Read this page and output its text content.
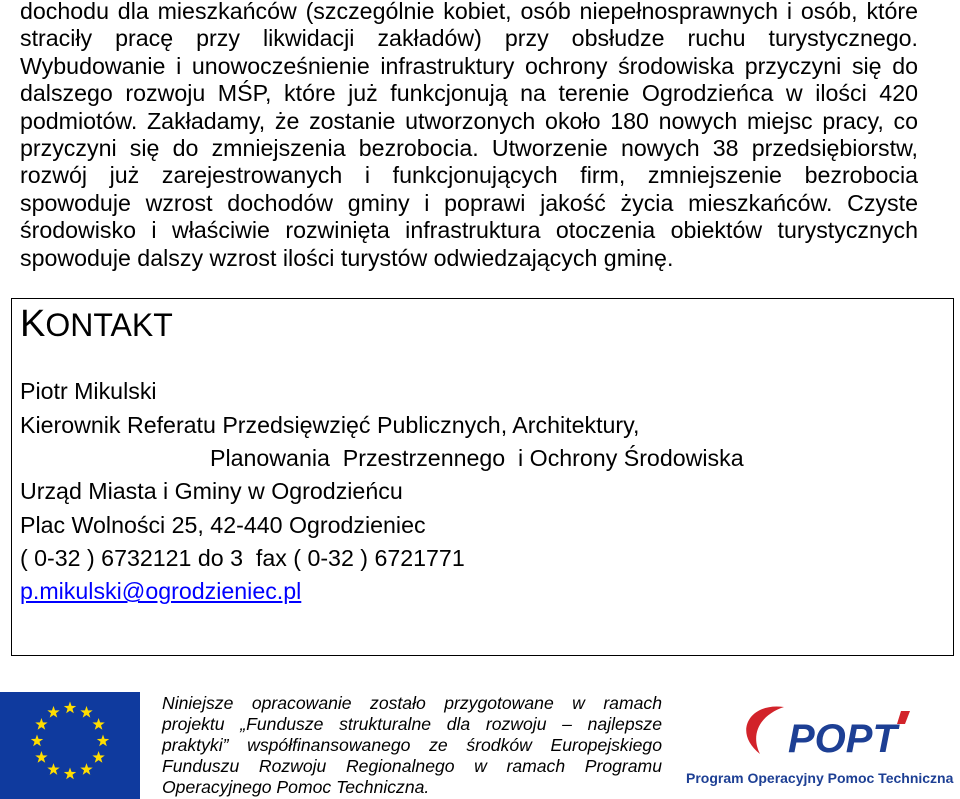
dochodu dla mieszkańców (szczególnie kobiet, osób niepełnosprawnych i osób, które
straciły pracę przy likwidacji zakładów) przy obsłudze ruchu turystycznego.
Wybudowanie i unowocześnienie infrastruktury ochrony środowiska przyczyni się do
dalszego rozwoju MŚP, które już funkcjonują na terenie Ogrodzieńca w ilości 420
podmiotów. Zakładamy, że zostanie utworzonych około 180 nowych miejsc pracy, co
przyczyni się do zmniejszenia bezrobocia. Utworzenie nowych 38 przedsiębiorstw,
rozwój już zarejestrowanych i funkcjonujących firm, zmniejszenie bezrobocia
spowoduje wzrost dochodów gminy i poprawi jakość życia mieszkańców. Czyste
środowisko i właściwie rozwinięta infrastruktura otoczenia obiektów turystycznych
spowoduje dalszy wzrost ilości turystów odwiedzających gminę.
KONTAKT
Piotr Mikulski
Kierownik Referatu Przedsięwzięć Publicznych, Architektury,
Planowania  Przestrzennego  i Ochrony Środowiska
Urząd Miasta i Gminy w Ogrodzieńcu
Plac Wolności 25, 42-440 Ogrodzieniec
( 0-32 ) 6732121 do 3  fax ( 0-32 ) 6721771
p.mikulski@ogrodzieniec.pl
Niniejsze opracowanie zostało przygotowane w ramach
projektu „Fundusze strukturalne dla rozwoju – najlepsze
praktyki” współfinansowanego ze środków Europejskiego
Funduszu Rozwoju Regionalnego w ramach Programu
Operacyjnego Pomoc Techniczna.
POPT
Program Operacyjny Pomoc Techniczna
